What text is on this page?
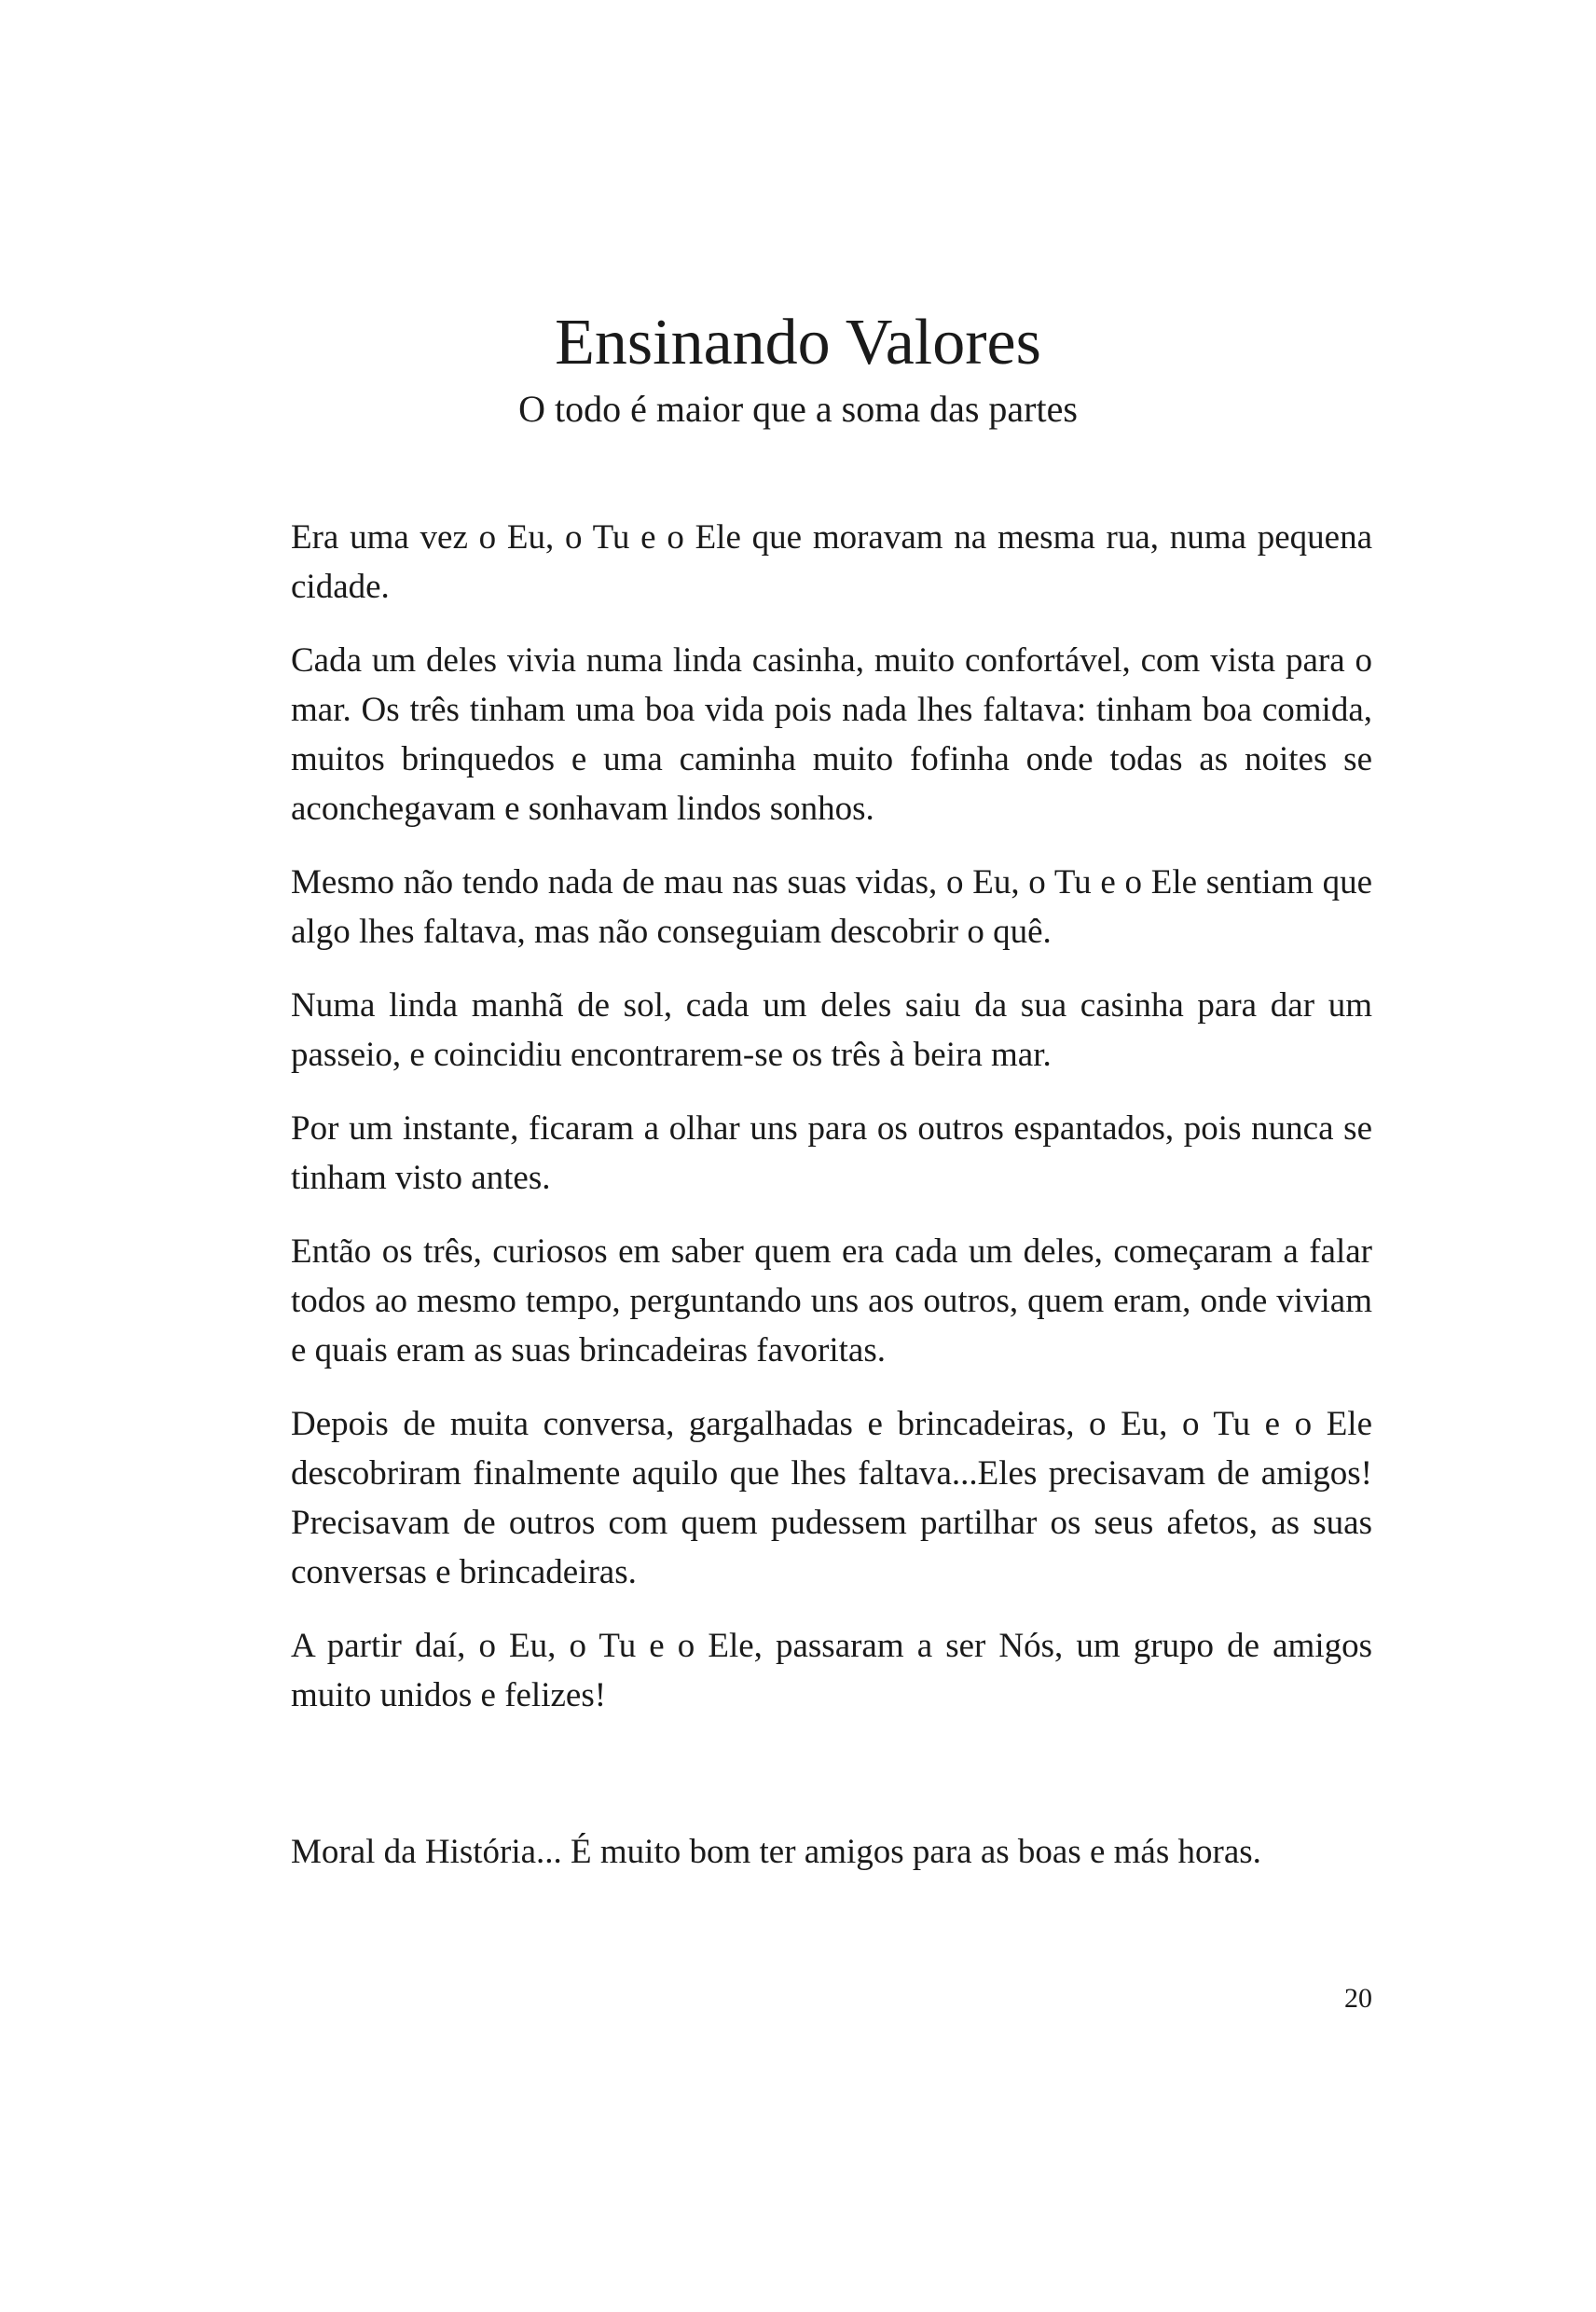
Ensinando Valores

O todo é maior que a soma das partes

Era uma vez o Eu, o Tu e o Ele que moravam na mesma rua, numa pequena cidade.

Cada um deles vivia numa linda casinha, muito confortável, com vista para o mar. Os três tinham uma boa vida pois nada lhes faltava: tinham boa comida, muitos brinquedos e uma caminha muito fofinha onde todas as noites se aconchegavam e sonhavam lindos sonhos.

Mesmo não tendo nada de mau nas suas vidas, o Eu, o Tu e o Ele sentiam que algo lhes faltava, mas não conseguiam descobrir o quê.

Numa linda manhã de sol, cada um deles saiu da sua casinha para dar um passeio, e coincidiu encontrarem-se os três à beira mar.

Por um instante, ficaram a olhar uns para os outros espantados, pois nunca se tinham visto antes.

Então os três, curiosos em saber quem era cada um deles, começaram a falar todos ao mesmo tempo, perguntando uns aos outros, quem eram, onde viviam e quais eram as suas brincadeiras favoritas.

Depois de muita conversa, gargalhadas e brincadeiras, o Eu, o Tu e o Ele descobriram finalmente aquilo que lhes faltava...Eles precisavam de amigos! Precisavam de outros com quem pudessem partilhar os seus afetos, as suas conversas e brincadeiras.

A partir daí, o Eu, o Tu e o Ele, passaram a ser Nós, um grupo de amigos muito unidos e felizes!

Moral da História... É muito bom ter amigos para as boas e más horas.

20
